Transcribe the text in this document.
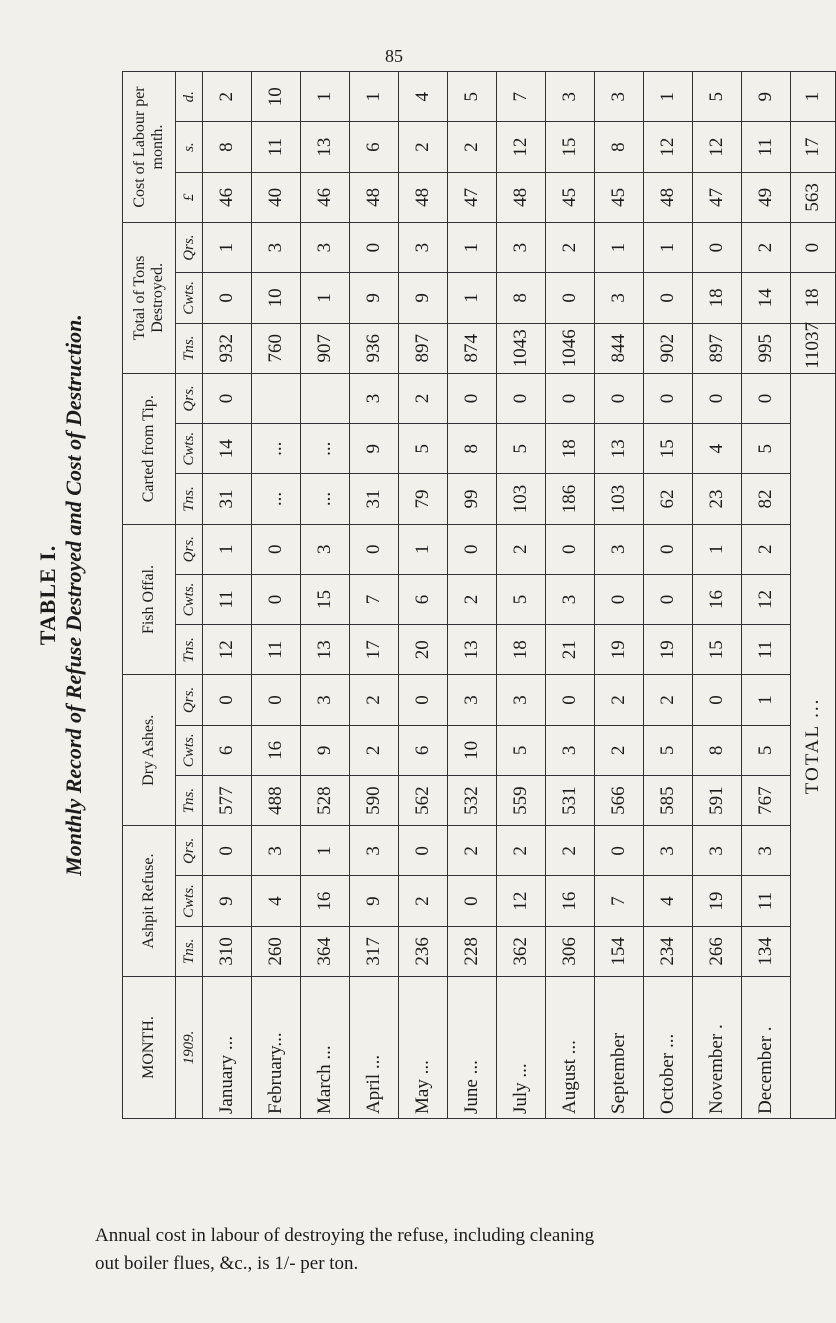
85
TABLE I. Monthly Record of Refuse Destroyed and Cost of Destruction.
MONTH.	Ashpit Refuse.			Dry Ashes.			Fish Offal.			Carted from Tip.			Total of Tons Destroyed.			Cost of Labour per month.		
1909.	Tns.	Cwts.	Qrs.	Tns.	Cwts.	Qrs.	Tns.	Cwts.	Qrs.	Tns.	Cwts.	Qrs.	Tns.	Cwts.	Qrs.	£	s.	d.
January ...	310	9	0	577	6	0	12	11	1	31	14	0	932	0	1	46	8	2
February...	260	4	3	488	16	0	11	0	0	...	...		760	10	3	40	11	10
March ...	364	16	1	528	9	3	13	15	3	...	...		907	1	3	46	13	1
April ...	317	9	3	590	2	2	17	7	0	31	9	3	936	9	0	48	6	1
May ...	236	2	0	562	6	0	20	6	1	79	5	2	897	9	3	48	2	4
June ...	228	0	2	532	10	3	13	2	0	99	8	0	874	1	1	47	2	5
July ...	362	12	2	559	5	3	18	5	2	103	5	0	1043	8	3	48	12	7
August ...	306	16	2	531	3	0	21	3	0	186	18	0	1046	0	2	45	15	3
September	154	7	0	566	2	2	19	0	3	103	13	0	844	3	1	45	8	3
October ...	234	4	3	585	5	2	19	0	0	62	15	0	902	0	1	48	12	1
November .	266	19	3	591	8	0	15	16	1	23	4	0	897	18	0	47	12	5
December .	134	11	3	767	5	1	11	12	2	82	5	0	995	14	2	49	11	9
TOTAL ...													11037	18	0	563	17	1
Annual cost in labour of destroying the refuse, including cleaning
out boiler flues, &c., is 1/- per ton.
